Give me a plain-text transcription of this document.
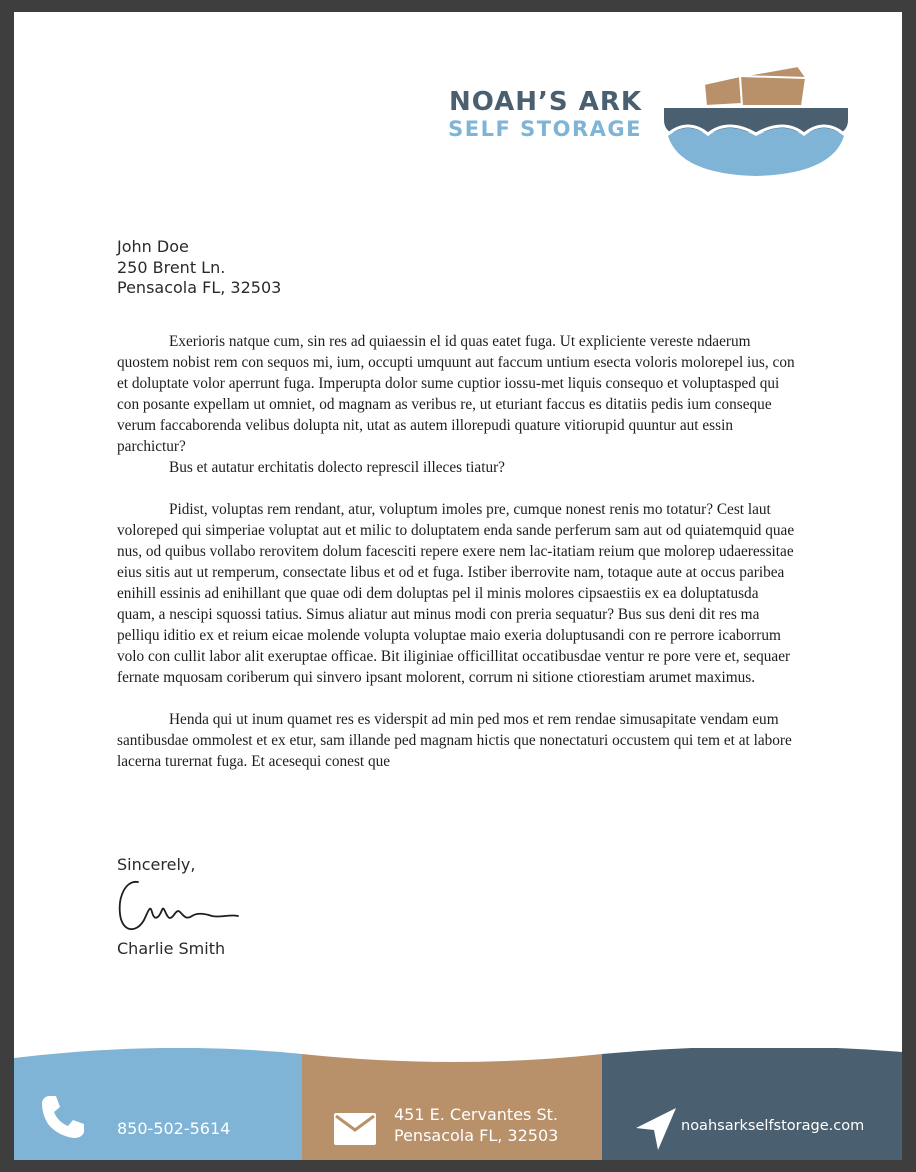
NOAH’S ARK
SELF STORAGE
John Doe
250 Brent Ln.
Pensacola FL, 32503

Exerioris natque cum, sin res ad quiaessin el id quas eatet fuga. Ut expliciente vereste ndaerum quostem nobist rem con sequos mi, ium, occupti umquunt aut faccum untium esecta voloris molorepel ius, con et doluptate volor aperrunt fuga. Imperupta dolor sume cuptior iossu-met liquis consequo et voluptasped qui con posante expellam ut omniet, od magnam as veribus re, ut eturiant faccus es ditatiis pedis ium conseque verum faccaborenda velibus dolupta nit, utat as autem illorepudi quature vitiorupid quuntur aut essin parchictur?

Bus et autatur erchitatis dolecto represcil illeces tiatur?

Pidist, voluptas rem rendant, atur, voluptum imoles pre, cumque nonest renis mo totatur? Cest laut voloreped qui simperiae voluptat aut et milic to doluptatem enda sande perferum sam aut od quiatemquid quae nus, od quibus vollabo rerovitem dolum facesciti repere exere nem lac-itatiam reium que molorep udaeressitae eius sitis aut ut remperum, consectate libus et od et fuga. Istiber iberrovite nam, totaque aute at occus paribea enihill essinis ad enihillant que quae odi dem doluptas pel il minis molores cipsaestiis ex ea doluptatusda quam, a nescipi squossi tatius. Simus aliatur aut minus modi con preria sequatur? Bus sus deni dit res ma pelliqu iditio ex et reium eicae molende volupta voluptae maio exeria doluptusandi con re perrore icaborrum volo con cullit labor alit exeruptae officae. Bit iliginiae officillitat occatibusdae ventur re pore vere et, sequaer fernate mquosam coriberum qui sinvero ipsant molorent, corrum ni sitione ctiorestiam arumet maximus.

Henda qui ut inum quamet res es viderspit ad min ped mos et rem rendae simusapitate vendam eum santibusdae ommolest et ex etur, sam illande ped magnam hictis que nonectaturi occustem qui tem et at labore lacerna turernat fuga. Et acesequi conest que

Sincerely,
Charlie Smith
850-502-5614
451 E. Cervantes St.
Pensacola FL, 32503	noahsarkselfstorage.com
